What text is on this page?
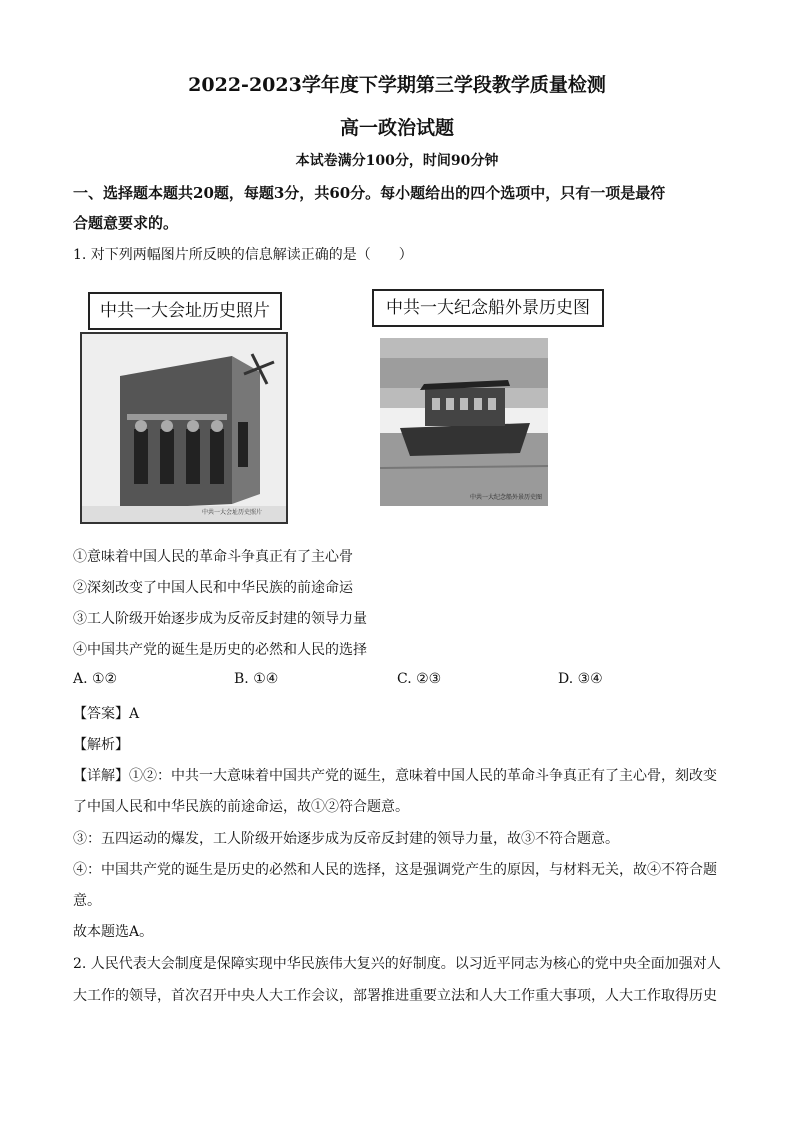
2022-2023学年度下学期第三学段教学质量检测
高一政治试题
本试卷满分100分，时间90分钟
一、选择题本题共20题，每题3分，共60分。每小题给出的四个选项中，只有一项是最符
合题意要求的。
1. 对下列两幅图片所反映的信息解读正确的是（　　）
中共一大会址历史照片
中共一大会址历史照片
中共一大纪念船外景历史图
中共一大纪念船外景历史图
①意味着中国人民的革命斗争真正有了主心骨
②深刻改变了中国人民和中华民族的前途命运
③工人阶级开始逐步成为反帝反封建的领导力量
④中国共产党的诞生是历史的必然和人民的选择
A. ①②	B. ①④	C. ②③	D. ③④
【答案】A
【解析】
【详解】①②：中共一大意味着中国共产党的诞生，意味着中国人民的革命斗争真正有了主心骨，刻改变
了中国人民和中华民族的前途命运，故①②符合题意。
③：五四运动的爆发，工人阶级开始逐步成为反帝反封建的领导力量，故③不符合题意。
④：中国共产党的诞生是历史的必然和人民的选择，这是强调党产生的原因，与材料无关，故④不符合题
意。
故本题选A。
2. 人民代表大会制度是保障实现中华民族伟大复兴的好制度。以习近平同志为核心的党中央全面加强对人
大工作的领导，首次召开中央人大工作会议，部署推进重要立法和人大工作重大事项，人大工作取得历史
